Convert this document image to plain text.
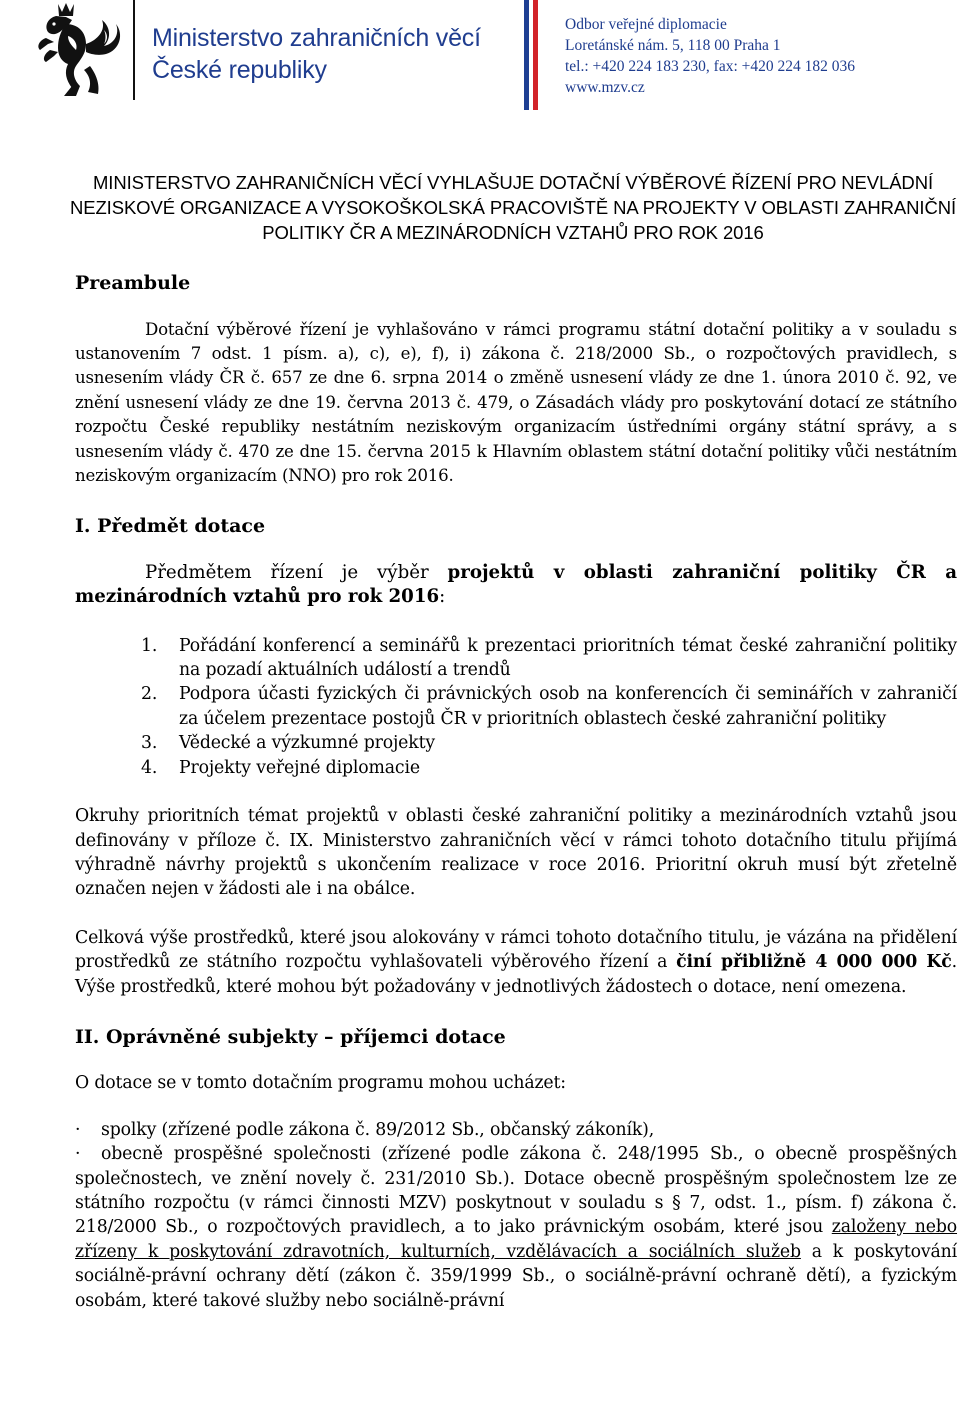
Ministerstvo zahraničních věcí
České republiky
Odbor veřejné diplomacie
Loretánské nám. 5, 118 00 Praha 1
tel.: +420 224 183 230, fax: +420 224 182 036
www.mzv.cz

MINISTERSTVO ZAHRANIČNÍCH VĚCÍ VYHLAŠUJE DOTAČNÍ VÝBĚROVÉ ŘÍZENÍ PRO NEVLÁDNÍ NEZISKOVÉ ORGANIZACE A VYSOKOŠKOLSKÁ PRACOVIŠTĚ NA PROJEKTY V OBLASTI ZAHRANIČNÍ POLITIKY ČR A MEZINÁRODNÍCH VZTAHŮ PRO ROK 2016

Preambule

Dotační výběrové řízení je vyhlašováno v rámci programu státní dotační politiky a v souladu s ustanovením 7 odst. 1 písm. a), c), e), f), i) zákona č. 218/2000 Sb., o rozpočtových pravidlech, s usnesením vlády ČR č. 657 ze dne 6. srpna 2014 o změně usnesení vlády ze dne 1. února 2010 č. 92, ve znění usnesení vlády ze dne 19. června 2013 č. 479, o Zásadách vlády pro poskytování dotací ze státního rozpočtu České republiky nestátním neziskovým organizacím ústředními orgány státní správy, a s usnesením vlády č. 470 ze dne 15. června 2015 k Hlavním oblastem státní dotační politiky vůči nestátním neziskovým organizacím (NNO) pro rok 2016.

I. Předmět dotace

Předmětem řízení je výběr projektů v oblasti zahraniční politiky ČR a mezinárodních vztahů pro rok 2016:

1. Pořádání konferencí a seminářů k prezentaci prioritních témat české zahraniční politiky na pozadí aktuálních událostí a trendů
2. Podpora účasti fyzických či právnických osob na konferencích či seminářích v zahraničí za účelem prezentace postojů ČR v prioritních oblastech české zahraniční politiky
3. Vědecké a výzkumné projekty
4. Projekty veřejné diplomacie

Okruhy prioritních témat projektů v oblasti české zahraniční politiky a mezinárodních vztahů jsou definovány v příloze č. IX. Ministerstvo zahraničních věcí v rámci tohoto dotačního titulu přijímá výhradně návrhy projektů s ukončením realizace v roce 2016. Prioritní okruh musí být zřetelně označen nejen v žádosti ale i na obálce.

Celková výše prostředků, které jsou alokovány v rámci tohoto dotačního titulu, je vázána na přidělení prostředků ze státního rozpočtu vyhlašovateli výběrového řízení a činí přibližně 4 000 000 Kč. Výše prostředků, které mohou být požadovány v jednotlivých žádostech o dotace, není omezena.

II. Oprávněné subjekty – příjemci dotace

O dotace se v tomto dotačním programu mohou ucházet:

· spolky (zřízené podle zákona č. 89/2012 Sb., občanský zákoník),
· obecně prospěšné společnosti (zřízené podle zákona č. 248/1995 Sb., o obecně prospěšných společnostech, ve znění novely č. 231/2010 Sb.). Dotace obecně prospěšným společnostem lze ze státního rozpočtu (v rámci činnosti MZV) poskytnout v souladu s § 7, odst. 1., písm. f) zákona č. 218/2000 Sb., o rozpočtových pravidlech, a to jako právnickým osobám, které jsou založeny nebo zřízeny k poskytování zdravotních, kulturních, vzdělávacích a sociálních služeb a k poskytování sociálně-právní ochrany dětí (zákon č. 359/1999 Sb., o sociálně-právní ochraně dětí), a fyzickým osobám, které takové služby nebo sociálně-právní
